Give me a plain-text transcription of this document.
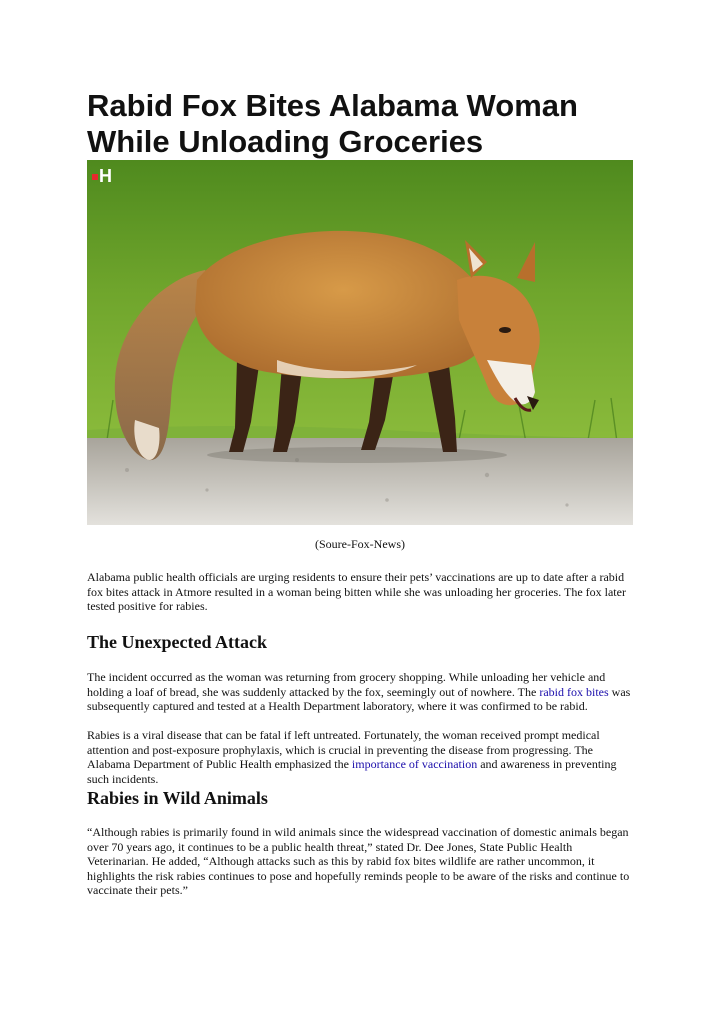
Rabid Fox Bites Alabama Woman
While Unloading Groceries
H
(Soure-Fox-News)

Alabama public health officials are urging residents to ensure their pets’ vaccinations are up to date after a rabid fox bites attack in Atmore resulted in a woman being bitten while she was unloading her groceries. The fox later tested positive for rabies.

The Unexpected Attack

The incident occurred as the woman was returning from grocery shopping. While unloading her vehicle and holding a loaf of bread, she was suddenly attacked by the fox, seemingly out of nowhere. The rabid fox bites was subsequently captured and tested at a Health Department laboratory, where it was confirmed to be rabid.

Rabies is a viral disease that can be fatal if left untreated. Fortunately, the woman received prompt medical attention and post-exposure prophylaxis, which is crucial in preventing the disease from progressing. The Alabama Department of Public Health emphasized the importance of vaccination and awareness in preventing such incidents.

Rabies in Wild Animals

“Although rabies is primarily found in wild animals since the widespread vaccination of domestic animals began over 70 years ago, it continues to be a public health threat,” stated Dr. Dee Jones, State Public Health Veterinarian. He added, “Although attacks such as this by rabid fox bites wildlife are rather uncommon, it highlights the risk rabies continues to pose and hopefully reminds people to be aware of the risks and continue to vaccinate their pets.”
